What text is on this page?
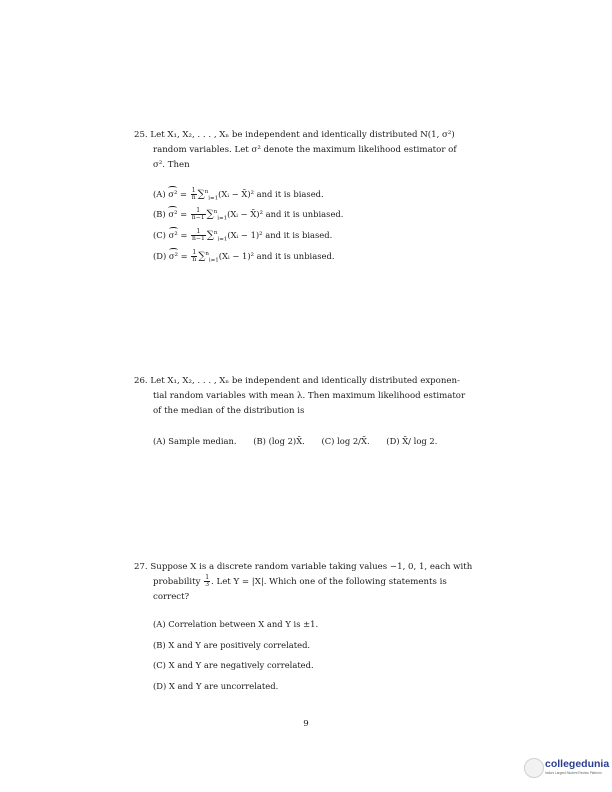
25. Let X₁, X₂, . . . , Xₙ be independent and identically distributed N(1, σ²)
random variables. Let σ² denote the maximum likelihood estimator of
σ². Then
(A) $\sigma^2 = \frac{1}{n}$ ∑$^n_{i=1}$(Xᵢ − X̄)² and it is biased.
(B) $\sigma^2 = \frac{1}{n-1}$ ∑$^n_{i=1}$(Xᵢ − X̄)² and it is unbiased.
(C) $\sigma^2 = \frac{1}{n-1}$ ∑$^n_{i=1}$(Xᵢ − 1)² and it is biased.
(D) $\sigma^2 = \frac{1}{n}$ ∑$^n_{i=1}$(Xᵢ − 1)² and it is unbiased.
26. Let X₁, X₂, . . . , Xₙ be independent and identically distributed exponen-
tial random variables with mean λ. Then maximum likelihood estimator
of the median of the distribution is
(A) Sample median. (B) (log 2)X̄. (C) log 2/X̄. (D) X̄/ log 2.
27. Suppose X is a discrete random variable taking values −1, 0, 1, each with
probability $\frac{1}{3}$ . Let Y = |X|. Which one of the following statements is
correct?
(A) Correlation between X and Y is ±1.
(B) X and Y are positively correlated.
(C) X and Y are negatively correlated.
(D) X and Y are uncorrelated.
9
collegedunia
India's Largest Student Review Platform
